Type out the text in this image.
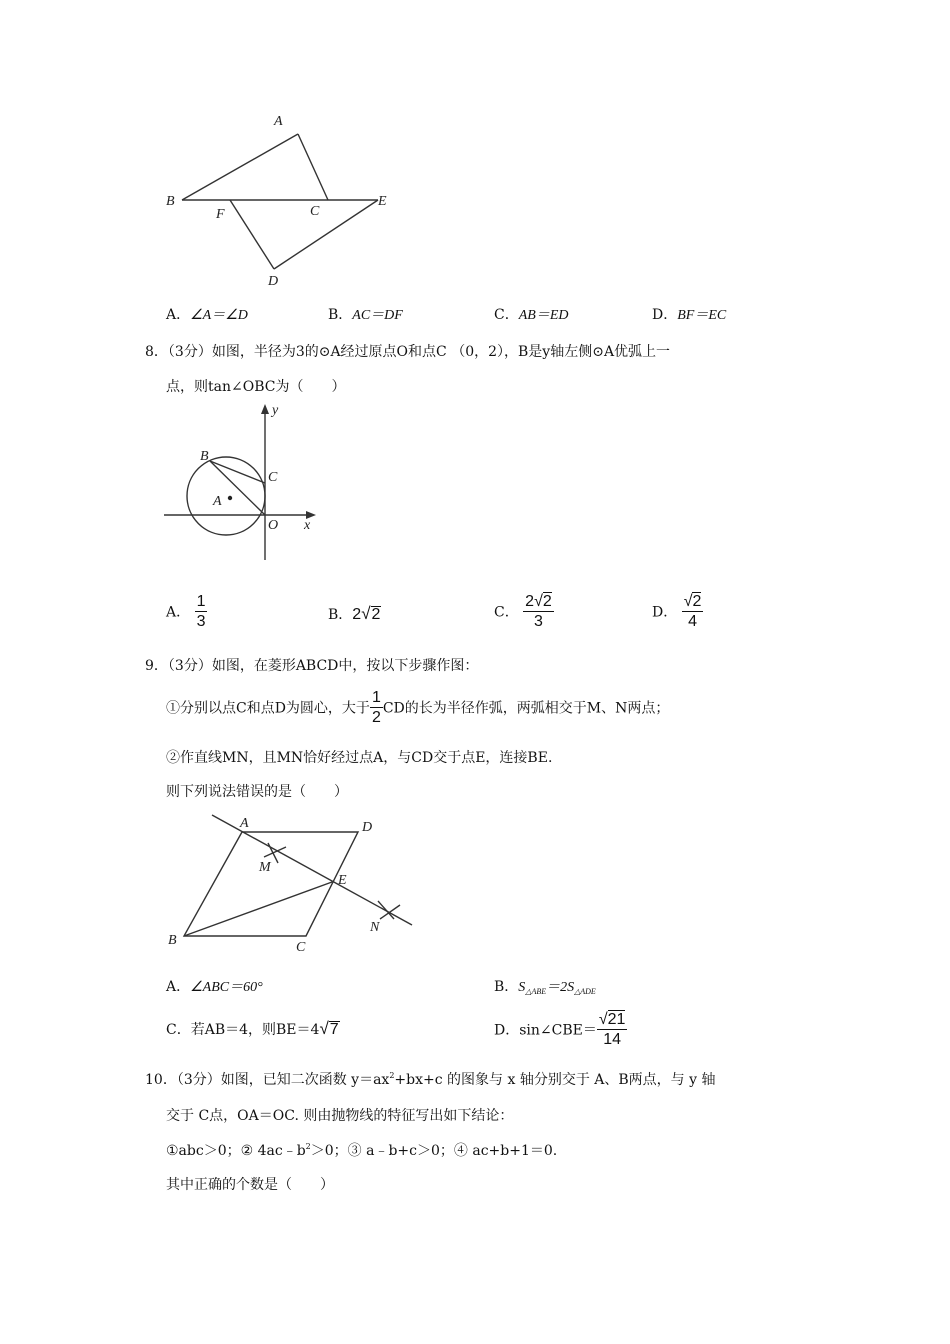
A
B
F	C
E
D
A．∠A＝∠D	B．AC＝DF	C．AB＝ED	D．BF＝EC
8．（3分）如图，半径为3的⊙A经过原点O和点C （0，2），B是y轴左侧⊙A优弧上一
点，则tan∠OBC为（　　）
y
B
C
A
O x
A． $\frac{1}{3}$	B．2√2	C． $\frac{2√2}{3}$	D． $\frac{√2}{4}$
9．（3分）如图，在菱形ABCD中，按以下步骤作图：
①分别以点C和点D为圆心，大于 $\frac{1}{2}$ CD的长为半径作弧，两弧相交于M、N两点；
②作直线MN，且MN恰好经过点A，与CD交于点E，连接BE.
则下列说法错误的是（　　）
A	D
M
E
N
B	C
A．∠ABC＝60°	B．$S_{\triangle ABE}=2S_{\triangle ADE}$
C．若AB＝4，则BE＝4√7	D．sin∠CBE＝ $\frac{√21}{14}$
10．（3分）如图，已知二次函数 $y=ax^2+bx+c$ 的图象与 x 轴分别交于 A、B两点，与 y 轴
交于 C点，OA＝OC. 则由抛物线的特征写出如下结论：
①abc＞0；② $4ac﹣b^2>0$；③ a﹣b+c＞0；④ ac+b+1＝0.
其中正确的个数是（　　）
